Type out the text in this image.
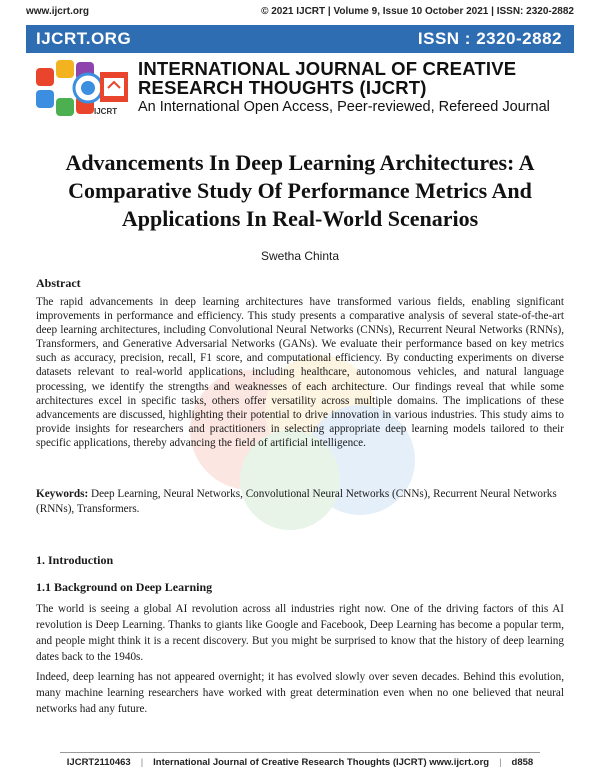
www.ijcrt.org	© 2021 IJCRT | Volume 9, Issue 10 October 2021 | ISSN: 2320-2882
IJCRT.ORG	ISSN : 2320-2882
IJCRT
INTERNATIONAL JOURNAL OF CREATIVE
RESEARCH THOUGHTS (IJCRT)
An International Open Access, Peer-reviewed, Refereed Journal
Advancements In Deep Learning Architectures: A Comparative Study Of Performance Metrics And Applications In Real-World Scenarios
Swetha Chinta
Abstract
The rapid advancements in deep learning architectures have transformed various fields, enabling significant improvements in performance and efficiency. This study presents a comparative analysis of several state-of-the-art deep learning architectures, including Convolutional Neural Networks (CNNs), Recurrent Neural Networks (RNNs), Transformers, and Generative Adversarial Networks (GANs). We evaluate their performance based on key metrics such as accuracy, precision, recall, F1 score, and computational efficiency. By conducting experiments on diverse datasets relevant to real-world applications, including healthcare, autonomous vehicles, and natural language processing, we identify the strengths and weaknesses of each architecture. Our findings reveal that while some architectures excel in specific tasks, others offer versatility across multiple domains. The implications of these advancements are discussed, highlighting their potential to drive innovation in various industries. This study aims to provide insights for researchers and practitioners in selecting appropriate deep learning models tailored to their specific applications, thereby advancing the field of artificial intelligence.
Keywords: Deep Learning, Neural Networks, Convolutional Neural Networks (CNNs), Recurrent Neural Networks (RNNs), Transformers.
1. Introduction
1.1 Background on Deep Learning
The world is seeing a global AI revolution across all industries right now. One of the driving factors of this AI revolution is Deep Learning. Thanks to giants like Google and Facebook, Deep Learning has become a popular term, and people might think it is a recent discovery. But you might be surprised to know that the history of deep learning dates back to the 1940s.
Indeed, deep learning has not appeared overnight; it has evolved slowly over seven decades. Behind this evolution, many machine learning researchers have worked with great determination even when no one believed that neural networks had any future.
IJCRT2110463 | International Journal of Creative Research Thoughts (IJCRT) www.ijcrt.org | d858
